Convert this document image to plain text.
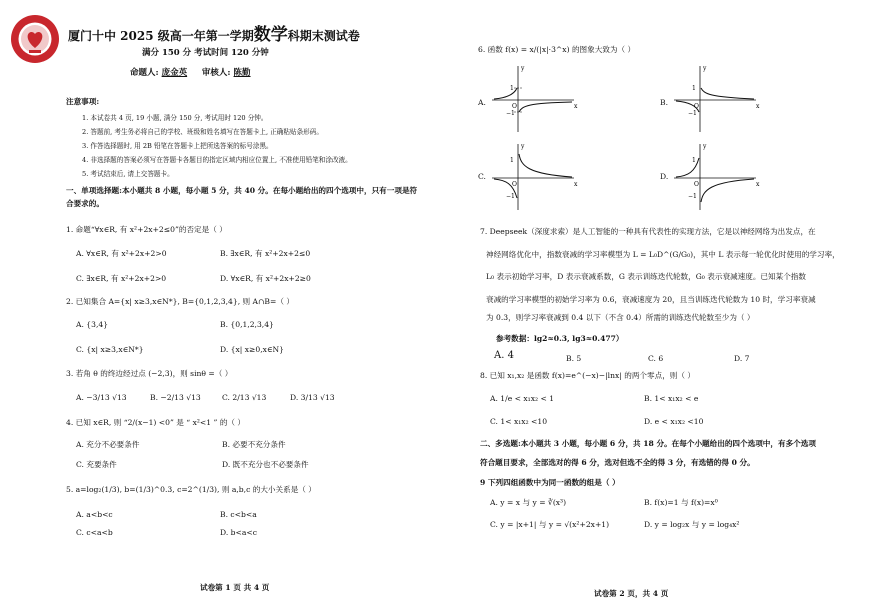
厦门十中 2025 级高一年第一学期数学科期末测试卷
满分 150 分 考试时间 120 分钟
命题人: 庞金英 审核人: 陈勤
注意事项:
1. 本试卷共 4 页, 19 小题, 满分 150 分, 考试用时 120 分钟。
2. 答题前, 考生务必将自己的学校、班级和姓名填写在答题卡上, 正确粘贴条形码。
3. 作答选择题时, 用 2B 铅笔在答题卡上把所选答案的标号涂黑。
4. 非选择题的答案必须写在答题卡各题目的指定区域内相应位置上, 不准使用铅笔和涂改液。
5. 考试结束后, 请上交答题卡。
一、单项选择题:本小题共 8 小题，每小题 5 分，共 40 分。在每小题给出的四个选项中，只有一项是符
合要求的。
1. 命题“∀x∈R, 有 x²+2x+2≤0”的否定是（ ）
A. ∀x∈R, 有 x²+2x+2>0	B. ∃x∈R, 有 x²+2x+2≤0
C. ∃x∈R, 有 x²+2x+2>0	D. ∀x∈R, 有 x²+2x+2≥0
2. 已知集合 A={x| x≥3,x∈N*}, B={0,1,2,3,4}, 则 A∩B=（ ）
A. {3,4}	B. {0,1,2,3,4}
C. {x| x≥3,x∈N*}	D. {x| x≥0,x∈N}
3. 若角 θ 的终边经过点 (−2,3)，则 sinθ =（ ）
A. −3/13 √13	B. −2/13 √13	C. 2/13 √13	D. 3/13 √13
4. 已知 x∈R, 则 “2/(x−1) <0” 是 “ x²<1 ” 的（ ）
A. 充分不必要条件	B. 必要不充分条件
C. 充要条件	D. 既不充分也不必要条件
5. a=log₂(1/3), b=(1/3)^0.3, c=2^(1/3), 则 a,b,c 的大小关系是（ ）
A. a<b<c	B. c<b<a
C. c<a<b	D. b<a<c
试卷第 1 页 共 4 页
6. 函数 f(x) = x/(|x|·3^x) 的图象大致为（ ）
A.	x
y
O
1
−1
B.	x
y
O
1
−1
C.
x
y
O
1
−1
D.
x
y
O
1
−1
7. Deepseek（深度求索）是人工智能的一种具有代表性的实现方法，它是以神经网络为出发点，在
神经网络优化中，指数衰减的学习率模型为 L = L₀D^(G/G₀)，其中 L 表示每一轮优化时使用的学习率，
L₀ 表示初始学习率，D 表示衰减系数，G 表示训练迭代轮数，G₀ 表示衰减速度。已知某个指数
衰减的学习率模型的初始学习率为 0.6，衰减速度为 20，且当训练迭代轮数为 10 时，学习率衰减
为 0.3，则学习率衰减到 0.4 以下（不含 0.4）所需的训练迭代轮数至少为（ ）
参考数据：lg2≈0.3, lg3≈0.477）
A. 4	B. 5	C. 6	D. 7
8. 已知 x₁,x₂ 是函数 f(x)=e^(−x)−|lnx| 的两个零点，则（ ）
A. 1/e < x₁x₂ < 1	B. 1< x₁x₂ < e
C. 1< x₁x₂ <10	D. e < x₁x₂ <10
二、多选题:本小题共 3 小题，每小题 6 分，共 18 分。在每个小题给出的四个选项中，有多个选项
符合题目要求，全部选对的得 6 分，选对但选不全的得 3 分，有选错的得 0 分。
9 下列四组函数中为同一函数的组是（ ）
A. y = x 与 y = ∛(x³)	B. f(x)=1 与 f(x)=x⁰
C. y = |x+1| 与 y = √(x²+2x+1)	D. y = log₂x 与 y = log₄x²
试卷第 2 页，共 4 页
